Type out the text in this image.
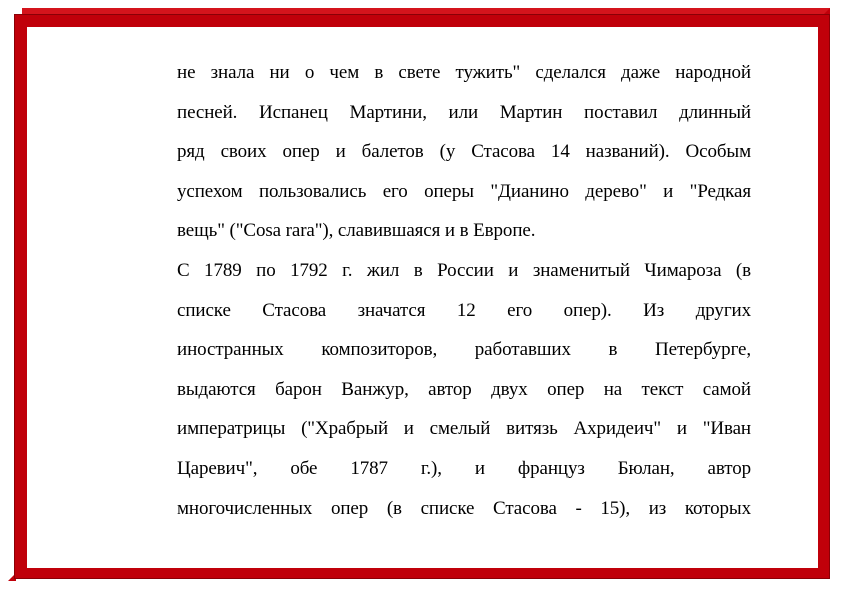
не знала ни о чем в свете тужить" сделался даже народной
песней. Испанец Мартини, или Мартин поставил длинный
ряд своих опер и балетов (у Стасова 14 названий). Особым
успехом пользовались его оперы "Дианино дерево" и "Редкая
вещь" ("Cosa rara"), славившаяся и в Европе.
С 1789 по 1792 г. жил в России и знаменитый Чимароза (в
списке Стасова значатся 12 его опер). Из других
иностранных композиторов, работавших в Петербурге,
выдаются барон Ванжур, автор двух опер на текст самой
императрицы ("Храбрый и смелый витязь Ахридеич" и "Иван
Царевич", обе 1787 г.), и француз Бюлан, автор
многочисленных опер (в списке Стасова - 15), из которых
